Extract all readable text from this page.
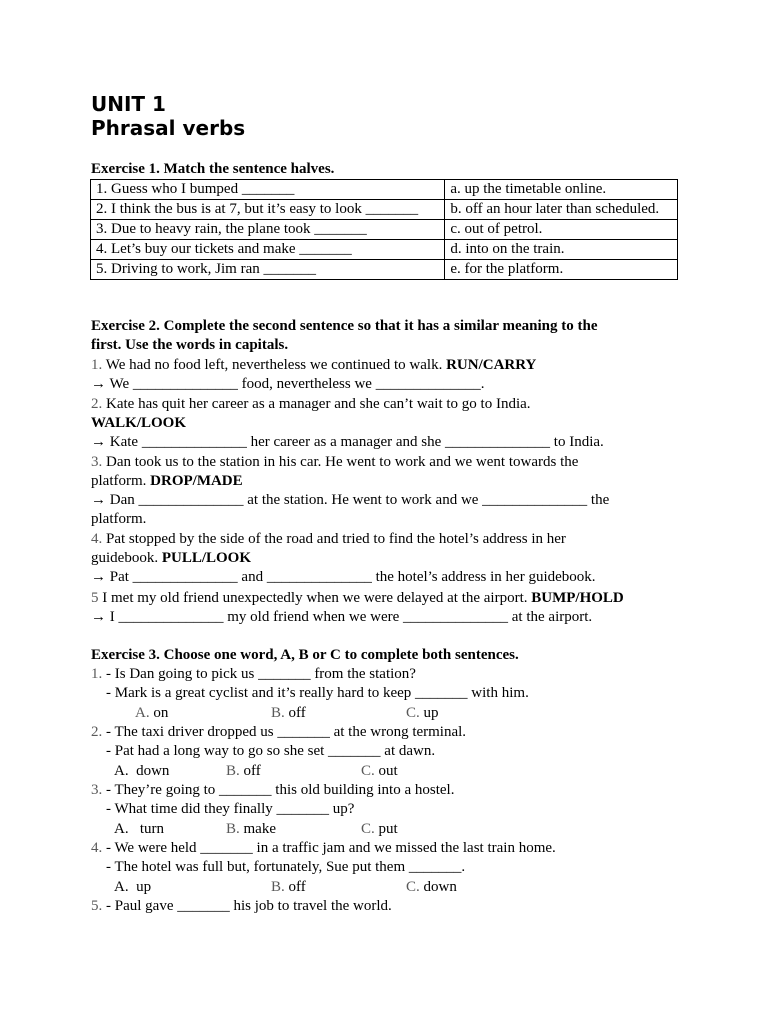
UNIT 1
Phrasal verbs
Exercise 1. Match the sentence halves.
1. Guess who I bumped _______	a. up the timetable online.
2. I think the bus is at 7, but it’s easy to look _______	b. off an hour later than scheduled.
3. Due to heavy rain, the plane took _______	c. out of petrol.
4. Let’s buy our tickets and make _______	d. into on the train.
5. Driving to work, Jim ran _______	e. for the platform.
Exercise 2. Complete the second sentence so that it has a similar meaning to the
first. Use the words in capitals.
1. We had no food left, nevertheless we continued to walk. RUN/CARRY
→ We ______________ food, nevertheless we ______________.
2. Kate has quit her career as a manager and she can’t wait to go to India.
WALK/LOOK
→ Kate ______________ her career as a manager and she ______________ to India.
3. Dan took us to the station in his car. He went to work and we went towards the
platform. DROP/MADE
→ Dan ______________ at the station. He went to work and we ______________ the
platform.
4. Pat stopped by the side of the road and tried to find the hotel’s address in her
guidebook. PULL/LOOK
→ Pat ______________ and ______________ the hotel’s address in her guidebook.
5 I met my old friend unexpectedly when we were delayed at the airport. BUMP/HOLD
→ I ______________ my old friend when we were ______________ at the airport.
Exercise 3. Choose one word, A, B or C to complete both sentences.
1. - Is Dan going to pick us _______ from the station?
- Mark is a great cyclist and it’s really hard to keep _______ with him.
A. on	B. off	C. up
2. - The taxi driver dropped us _______ at the wrong terminal.
- Pat had a long way to go so she set _______ at dawn.
A. down	B. off	C. out
3. - They’re going to _______ this old building into a hostel.
- What time did they finally _______ up?
A. turn	B. make	C. put
4. - We were held _______ in a traffic jam and we missed the last train home.
- The hotel was full but, fortunately, Sue put them _______.
A. up	B. off	C. down
5. - Paul gave _______ his job to travel the world.
